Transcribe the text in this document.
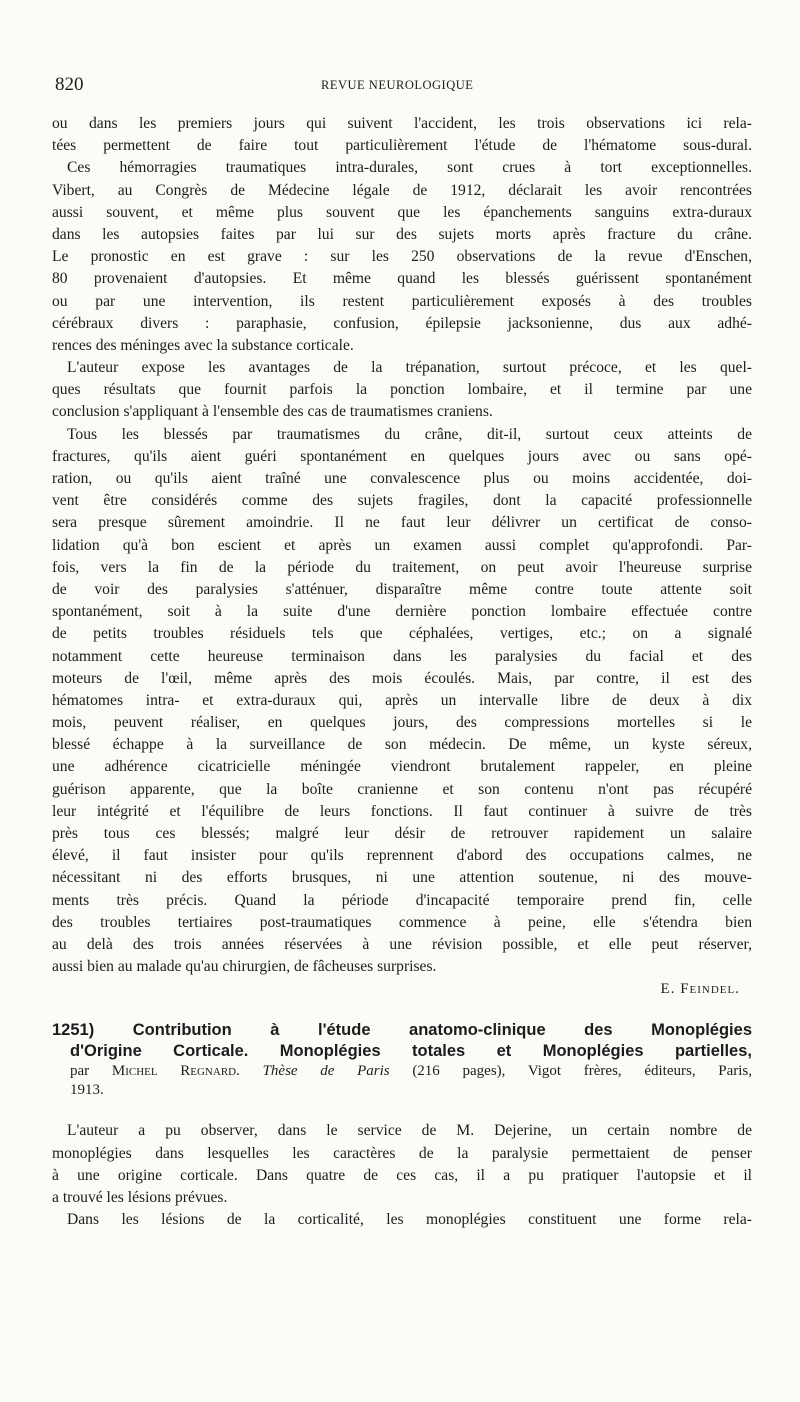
820	REVUE NEUROLOGIQUE
ou dans les premiers jours qui suivent l'accident, les trois observations ici rela-
tées permettent de faire tout particulièrement l'étude de l'hématome sous-dural.
Ces hémorragies traumatiques intra-durales, sont crues à tort exceptionnelles.
Vibert, au Congrès de Médecine légale de 1912, déclarait les avoir rencontrées
aussi souvent, et même plus souvent que les épanchements sanguins extra-duraux
dans les autopsies faites par lui sur des sujets morts après fracture du crâne.
Le pronostic en est grave : sur les 250 observations de la revue d'Enschen,
80 provenaient d'autopsies. Et même quand les blessés guérissent spontanément
ou par une intervention, ils restent particulièrement exposés à des troubles
cérébraux divers : paraphasie, confusion, épilepsie jacksonienne, dus aux adhé-
rences des méninges avec la substance corticale.
L'auteur expose les avantages de la trépanation, surtout précoce, et les quel-
ques résultats que fournit parfois la ponction lombaire, et il termine par une
conclusion s'appliquant à l'ensemble des cas de traumatismes craniens.
Tous les blessés par traumatismes du crâne, dit-il, surtout ceux atteints de
fractures, qu'ils aient guéri spontanément en quelques jours avec ou sans opé-
ration, ou qu'ils aient traîné une convalescence plus ou moins accidentée, doi-
vent être considérés comme des sujets fragiles, dont la capacité professionnelle
sera presque sûrement amoindrie. Il ne faut leur délivrer un certificat de conso-
lidation qu'à bon escient et après un examen aussi complet qu'approfondi. Par-
fois, vers la fin de la période du traitement, on peut avoir l'heureuse surprise
de voir des paralysies s'atténuer, disparaître même contre toute attente soit
spontanément, soit à la suite d'une dernière ponction lombaire effectuée contre
de petits troubles résiduels tels que céphalées, vertiges, etc.; on a signalé
notamment cette heureuse terminaison dans les paralysies du facial et des
moteurs de l'œil, même après des mois écoulés. Mais, par contre, il est des
hématomes intra- et extra-duraux qui, après un intervalle libre de deux à dix
mois, peuvent réaliser, en quelques jours, des compressions mortelles si le
blessé échappe à la surveillance de son médecin. De même, un kyste séreux,
une adhérence cicatricielle méningée viendront brutalement rappeler, en pleine
guérison apparente, que la boîte cranienne et son contenu n'ont pas récupéré
leur intégrité et l'équilibre de leurs fonctions. Il faut continuer à suivre de très
près tous ces blessés; malgré leur désir de retrouver rapidement un salaire
élevé, il faut insister pour qu'ils reprennent d'abord des occupations calmes, ne
nécessitant ni des efforts brusques, ni une attention soutenue, ni des mouve-
ments très précis. Quand la période d'incapacité temporaire prend fin, celle
des troubles tertiaires post-traumatiques commence à peine, elle s'étendra bien
au delà des trois années réservées à une révision possible, et elle peut réserver,
aussi bien au malade qu'au chirurgien, de fâcheuses surprises.
E. Feindel.
1251) Contribution à l'étude anatomo-clinique des Monoplégies
d'Origine Corticale. Monoplégies totales et Monoplégies partielles,
par Michel Regnard. Thèse de Paris (216 pages), Vigot frères, éditeurs, Paris,
1913.
L'auteur a pu observer, dans le service de M. Dejerine, un certain nombre de
monoplégies dans lesquelles les caractères de la paralysie permettaient de penser
à une origine corticale. Dans quatre de ces cas, il a pu pratiquer l'autopsie et il
a trouvé les lésions prévues.
Dans les lésions de la corticalité, les monoplégies constituent une forme rela-
